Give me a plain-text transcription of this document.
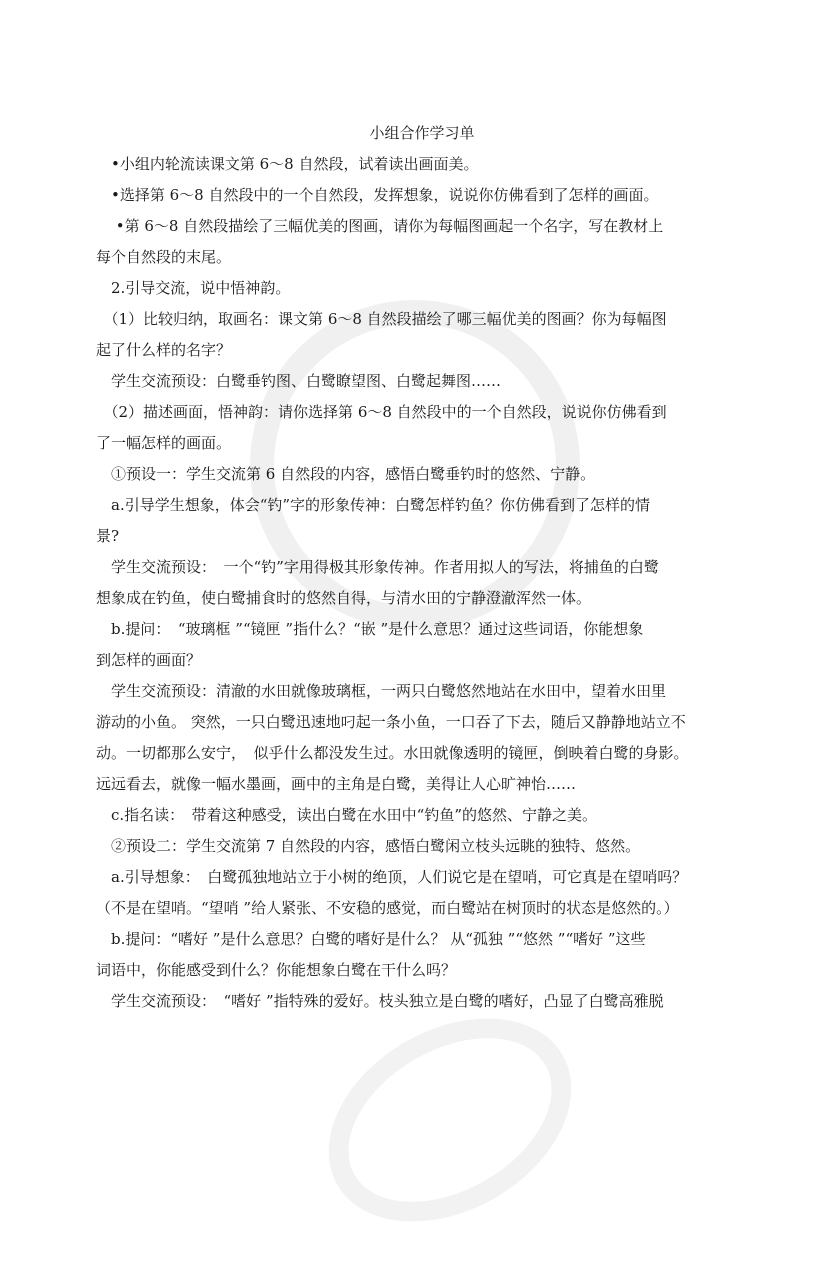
小组合作学习单
　•小组内轮流读课文第 6～8 自然段，试着读出画面美。
　•选择第 6～8 自然段中的一个自然段，发挥想象，说说你仿佛看到了怎样的画面。
　 •第 6～8 自然段描绘了三幅优美的图画，请你为每幅图画起一个名字，写在教材上
每个自然段的末尾。
　2.引导交流，说中悟神韵。
　（1）比较归纳，取画名：课文第 6～8 自然段描绘了哪三幅优美的图画？你为每幅图
起了什么样的名字？
　学生交流预设：白鹭垂钓图、白鹭瞭望图、白鹭起舞图……
　（2）描述画面，悟神韵：请你选择第 6～8 自然段中的一个自然段，说说你仿佛看到
了一幅怎样的画面。
　①预设一：学生交流第 6 自然段的内容，感悟白鹭垂钓时的悠然、宁静。
　a.引导学生想象，体会“钓”字的形象传神：白鹭怎样钓鱼？你仿佛看到了怎样的情
景?
　学生交流预设：　一个“钓”字用得极其形象传神。作者用拟人的写法，将捕鱼的白鹭
想象成在钓鱼，使白鹭捕食时的悠然自得，与清水田的宁静澄澈浑然一体。
　b.提问：　“玻璃框 ”“镜匣 ”指什么？“嵌 ”是什么意思？通过这些词语，你能想象
到怎样的画面？
　学生交流预设：清澈的水田就像玻璃框，一两只白鹭悠然地站在水田中，望着水田里
游动的小鱼。 突然，一只白鹭迅速地叼起一条小鱼，一口吞了下去，随后又静静地站立不
动。一切都那么安宁，　似乎什么都没发生过。水田就像透明的镜匣，倒映着白鹭的身影。
远远看去，就像一幅水墨画，画中的主角是白鹭，美得让人心旷神怡……
　c.指名读：　带着这种感受，读出白鹭在水田中“钓鱼”的悠然、宁静之美。
　②预设二：学生交流第 7 自然段的内容，感悟白鹭闲立枝头远眺的独特、悠然。
　a.引导想象：　白鹭孤独地站立于小树的绝顶，人们说它是在望哨，可它真是在望哨吗？
（不是在望哨。“望哨 ”给人紧张、不安稳的感觉，而白鹭站在树顶时的状态是悠然的。）
　b.提问：“嗜好 ”是什么意思？白鹭的嗜好是什么？ 从“孤独 ”“悠然 ”“嗜好 ”这些
词语中，你能感受到什么？你能想象白鹭在干什么吗？
　学生交流预设：　“嗜好 ”指特殊的爱好。枝头独立是白鹭的嗜好，凸显了白鹭高雅脱
